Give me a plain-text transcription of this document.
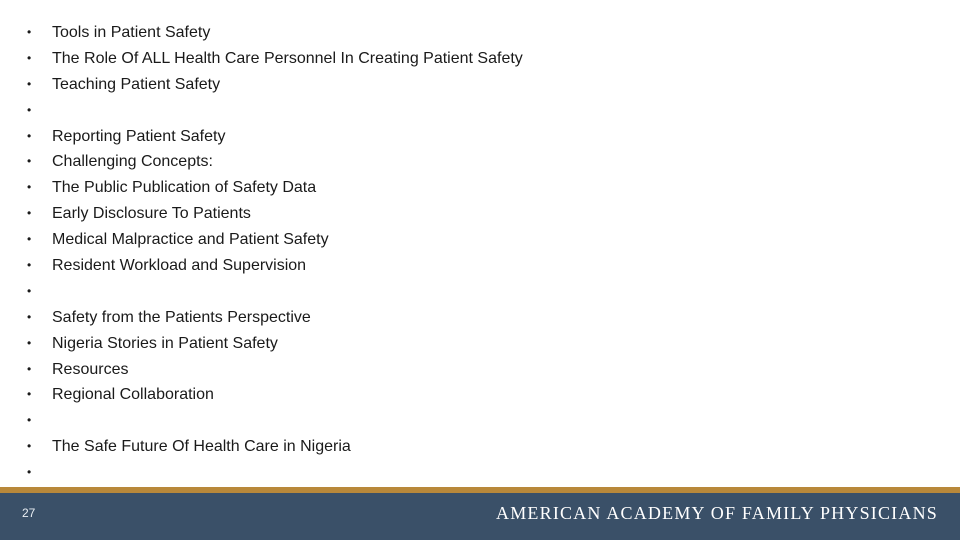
• Tools in Patient Safety
• The Role Of ALL Health Care Personnel In Creating Patient Safety
• Teaching Patient Safety
•
• Reporting Patient Safety
• Challenging Concepts:
• The Public Publication of Safety Data
• Early Disclosure To Patients
• Medical Malpractice and Patient Safety
• Resident Workload and Supervision
•
• Safety from the Patients Perspective
• Nigeria Stories in Patient Safety
• Resources
• Regional Collaboration
•
• The Safe Future Of Health Care in Nigeria
•
27	AMERICAN ACADEMY OF FAMILY PHYSICIANS
